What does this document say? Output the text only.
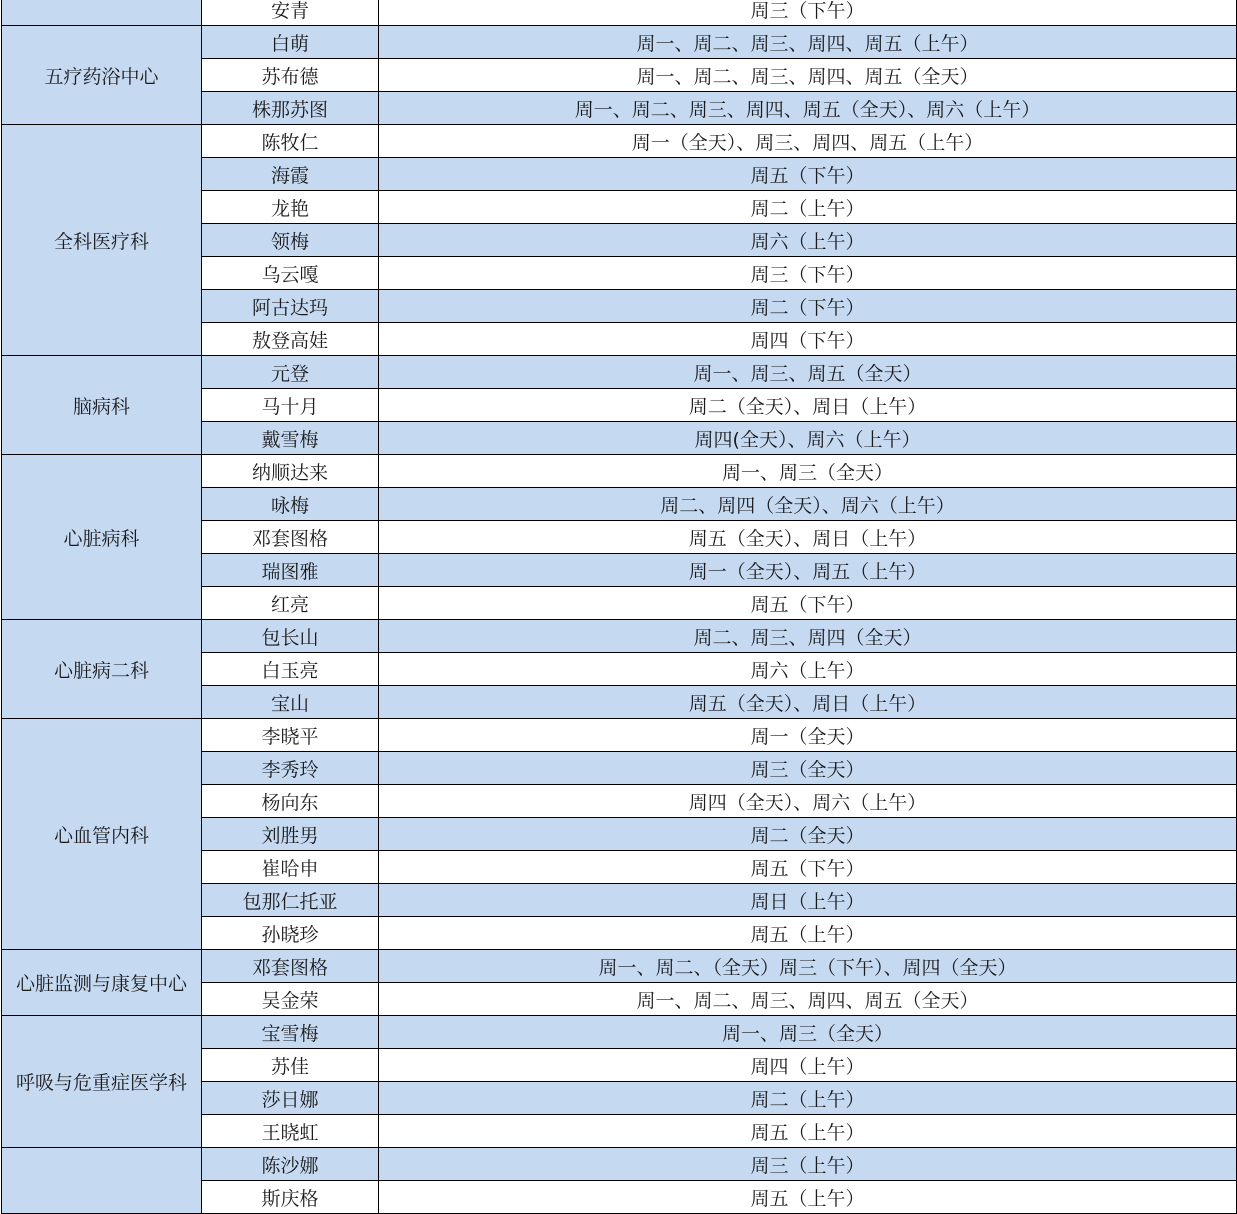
	安青	周三（下午）
五疗药浴中心	白萌	周一、周二、周三、周四、周五（上午）
	苏布德	周一、周二、周三、周四、周五（全天）
	株那苏图	周一、周二、周三、周四、周五（全天）、周六（上午）
全科医疗科	陈牧仁	周一（全天）、周三、周四、周五（上午）
	海霞	周五（下午）
	龙艳	周二（上午）
	领梅	周六（上午）
	乌云嘎	周三（下午）
	阿古达玛	周二（下午）
	敖登高娃	周四（下午）
脑病科	元登	周一、周三、周五（全天）
	马十月	周二（全天）、周日（上午）
	戴雪梅	周四(全天）、周六（上午）
心脏病科	纳顺达来	周一、周三（全天）
	咏梅	周二、周四（全天）、周六（上午）
	邓套图格	周五（全天）、周日（上午）
	瑞图雅	周一（全天）、周五（上午）
	红亮	周五（下午）
心脏病二科	包长山	周二、周三、周四（全天）
	白玉亮	周六（上午）
	宝山	周五（全天）、周日（上午）
心血管内科	李晓平	周一（全天）
	李秀玲	周三（全天）
	杨向东	周四（全天）、周六（上午）
	刘胜男	周二（全天）
	崔哈申	周五（下午）
	包那仁托亚	周日（上午）
	孙晓珍	周五（上午）
心脏监测与康复中心	邓套图格	周一、周二、（全天）周三（下午）、周四（全天）
	吴金荣	周一、周二、周三、周四、周五（全天）
呼吸与危重症医学科	宝雪梅	周一、周三（全天）
	苏佳	周四（上午）
	莎日娜	周二（上午）
	王晓虹	周五（上午）
	陈沙娜	周三（上午）
	斯庆格	周五（上午）
